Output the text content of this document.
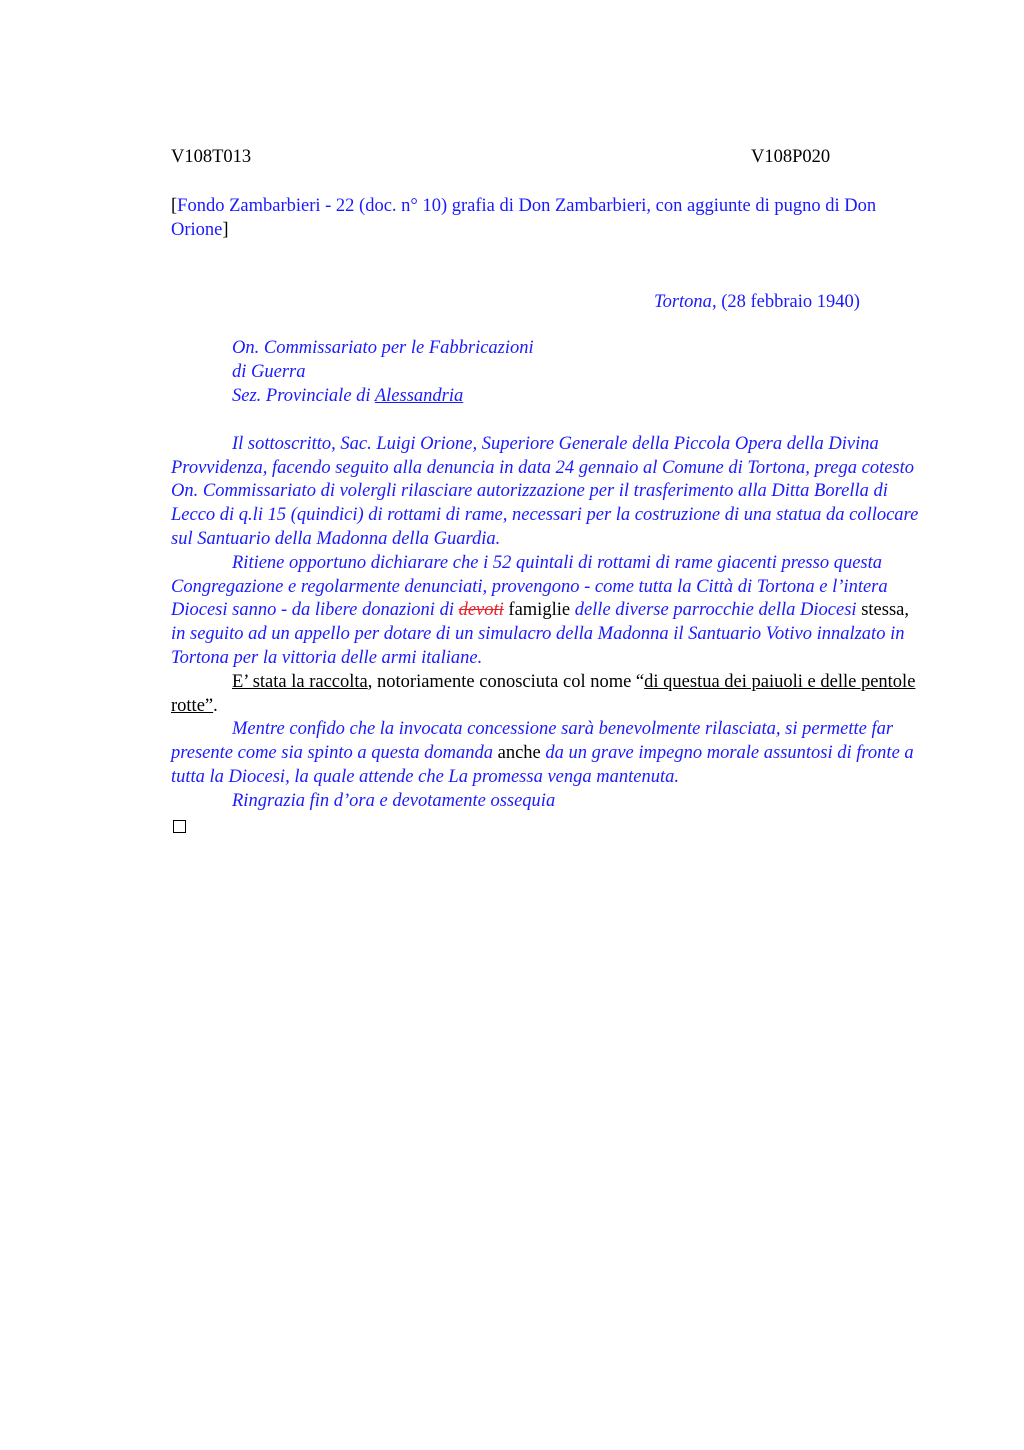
V108T013	V108P020
[Fondo Zambarbieri - 22 (doc. n° 10) grafia di Don Zambarbieri, con aggiunte di pugno di Don Orione]
Tortona, (28 febbraio 1940)
On. Commissariato per le Fabbricazioni
di Guerra
Sez. Provinciale di Alessandria

Il sottoscritto, Sac. Luigi Orione, Superiore Generale della Piccola Opera della Divina Provvidenza, facendo seguito alla denuncia in data 24 gennaio al Comune di Tortona, prega cotesto On. Commissariato di volergli rilasciare autorizzazione per il trasferimento alla Ditta Borella di Lecco di q.li 15 (quindici) di rottami di rame, necessari per la costruzione di una statua da collocare sul Santuario della Madonna della Guardia.

Ritiene opportuno dichiarare che i 52 quintali di rottami di rame giacenti presso questa Congregazione e regolarmente denunciati, provengono - come tutta la Città di Tortona e l’intera Diocesi sanno - da libere donazioni di devoti famiglie delle diverse parrocchie della Diocesi stessa, in seguito ad un appello per dotare di un simulacro della Madonna il Santuario Votivo innalzato in Tortona per la vittoria delle armi italiane.

E’ stata la raccolta, notoriamente conosciuta col nome “di questua dei paiuoli e delle pentole rotte”.

Mentre confido che la invocata concessione sarà benevolmente rilasciata, si permette far presente come sia spinto a questa domanda anche da un grave impegno morale assuntosi di fronte a tutta la Diocesi, la quale attende che La promessa venga mantenuta.

Ringrazia fin d’ora e devotamente ossequia
